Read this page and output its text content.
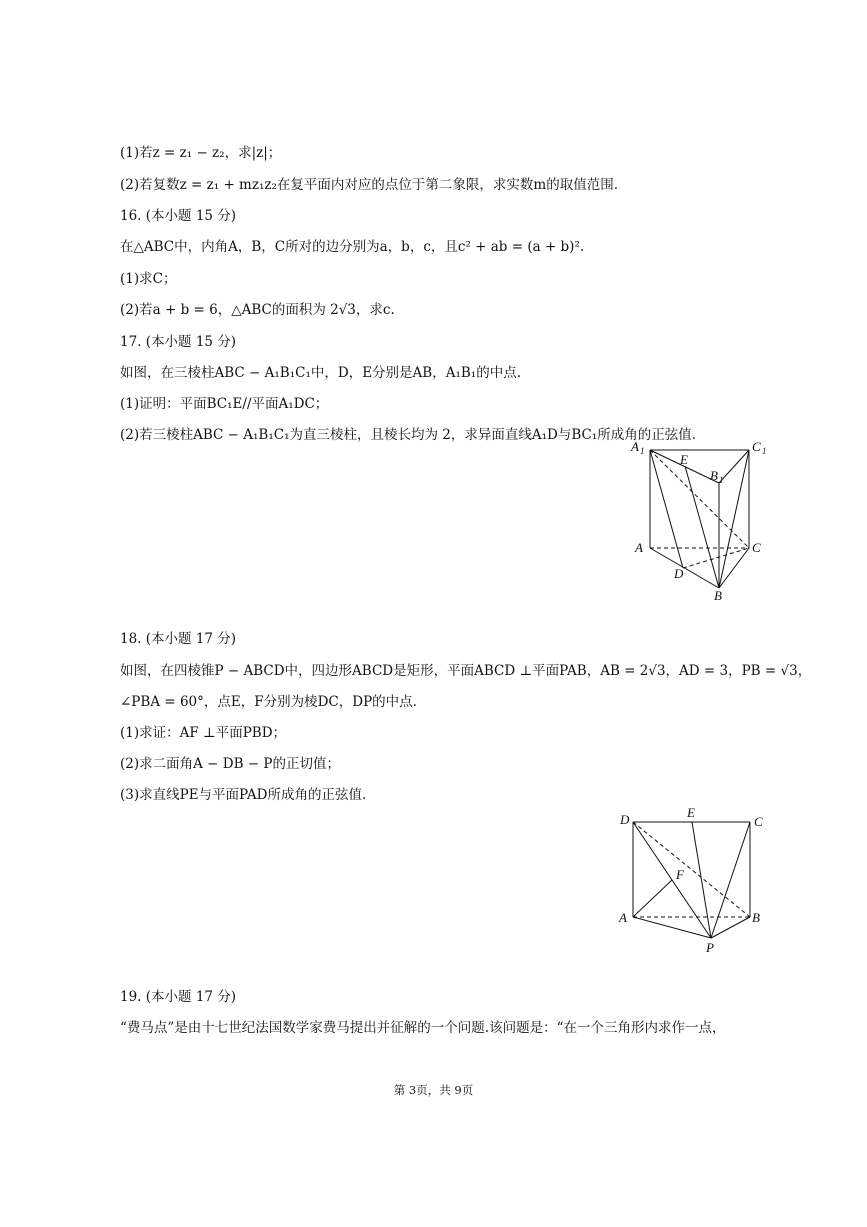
(1)若z = z₁ − z₂，求|z|；
(2)若复数z = z₁ + mz₁z₂在复平面内对应的点位于第二象限，求实数m的取值范围.
16. (本小题 15 分)
在△ABC中，内角A，B，C所对的边分别为a，b，c，且c² + ab = (a + b)².
(1)求C；
(2)若a + b = 6，△ABC的面积为 2√3，求c.
17. (本小题 15 分)
如图，在三棱柱ABC − A₁B₁C₁中，D，E分别是AB，A₁B₁的中点.
(1)证明：平面BC₁E//平面A₁DC；
(2)若三棱柱ABC − A₁B₁C₁为直三棱柱，且棱长均为 2，求异面直线A₁D与BC₁所成角的正弦值.
A 1	C 1
E
B 1
A	C
D
B
18. (本小题 17 分)
如图，在四棱锥P − ABCD中，四边形ABCD是矩形，平面ABCD ⊥平面PAB，AB = 2√3，AD = 3，PB = √3，
∠PBA = 60°，点E，F分别为棱DC，DP的中点.
(1)求证：AF ⊥平面PBD；
(2)求二面角A − DB − P的正切值；
(3)求直线PE与平面PAD所成角的正弦值.
D	E
C
F
A	B
P
19. (本小题 17 分)
“费马点”是由十七世纪法国数学家费马提出并征解的一个问题.该问题是：“在一个三角形内求作一点，
第 3页，共 9页
